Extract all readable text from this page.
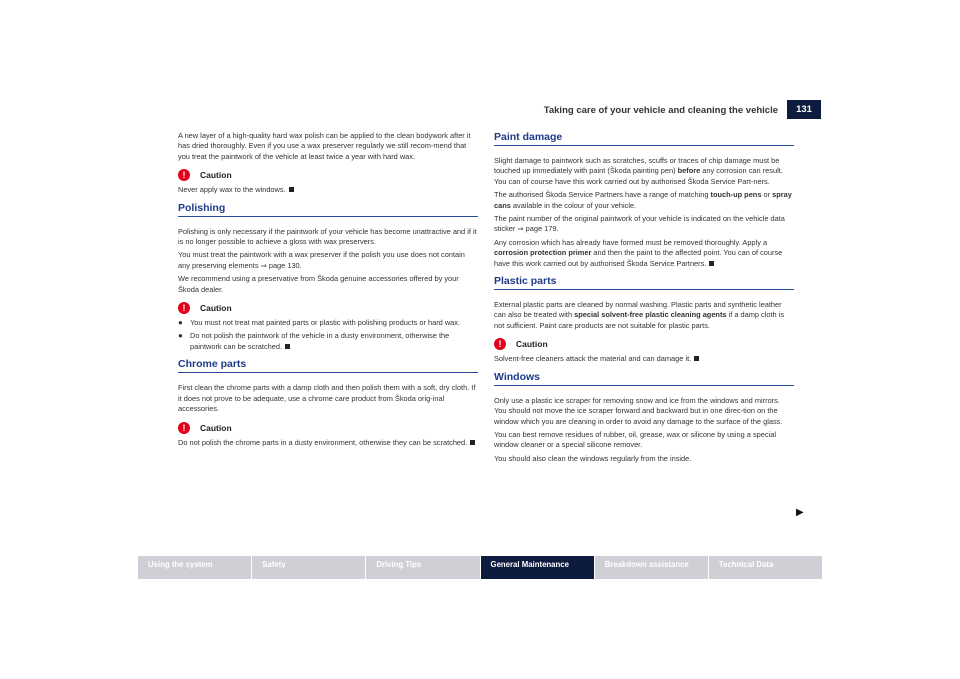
Taking care of your vehicle and cleaning the vehicle	131

A new layer of a high-quality hard wax polish can be applied to the clean bodywork after it has dried thoroughly. Even if you use a wax preserver regularly we still recom-mend that you treat the paintwork of the vehicle at least twice a year with hard wax.

!	Caution

Never apply wax to the windows.

Polishing

Polishing is only necessary if the paintwork of your vehicle has become unattractive and if it is no longer possible to achieve a gloss with wax preservers.

You must treat the paintwork with a wax preserver if the polish you use does not contain any preserving elements ⇒ page 130.

We recommend using a preservative from Škoda genuine accessories offered by your Škoda dealer.

!	Caution

● You must not treat mat painted parts or plastic with polishing products or hard wax.

● Do not polish the paintwork of the vehicle in a dusty environment, otherwise the paintwork can be scratched.

Chrome parts

First clean the chrome parts with a damp cloth and then polish them with a soft, dry cloth. If it does not prove to be adequate, use a chrome care product from Škoda orig-inal accessories.

!	Caution

Do not polish the chrome parts in a dusty environment, otherwise they can be scratched.

Paint damage

Slight damage to paintwork such as scratches, scuffs or traces of chip damage must be touched up immediately with paint (Škoda painting pen) before any corrosion can result. You can of course have this work carried out by authorised Škoda Service Part-ners.

The authorised Škoda Service Partners have a range of matching touch-up pens or spray cans available in the colour of your vehicle.

The paint number of the original paintwork of your vehicle is indicated on the vehicle data sticker ⇒ page 179.

Any corrosion which has already have formed must be removed thoroughly. Apply a corrosion protection primer and then the paint to the affected point. You can of course have this work carried out by authorised Škoda Service Partners.

Plastic parts

External plastic parts are cleaned by normal washing. Plastic parts and synthetic leather can also be treated with special solvent-free plastic cleaning agents if a damp cloth is not sufficient. Paint care products are not suitable for plastic parts.

!	Caution

Solvent-free cleaners attack the material and can damage it.

Windows

Only use a plastic ice scraper for removing snow and ice from the windows and mirrors. You should not move the ice scraper forward and backward but in one direc-tion on the window which you are cleaning in order to avoid any damage to the surface of the glass.

You can best remove residues of rubber, oil, grease, wax or silicone by using a special window cleaner or a special silicone remover.

You should also clean the windows regularly from the inside.

▶
Using the system	Safety	Driving Tips	General Maintenance	Breakdown assistance	Technical Data
